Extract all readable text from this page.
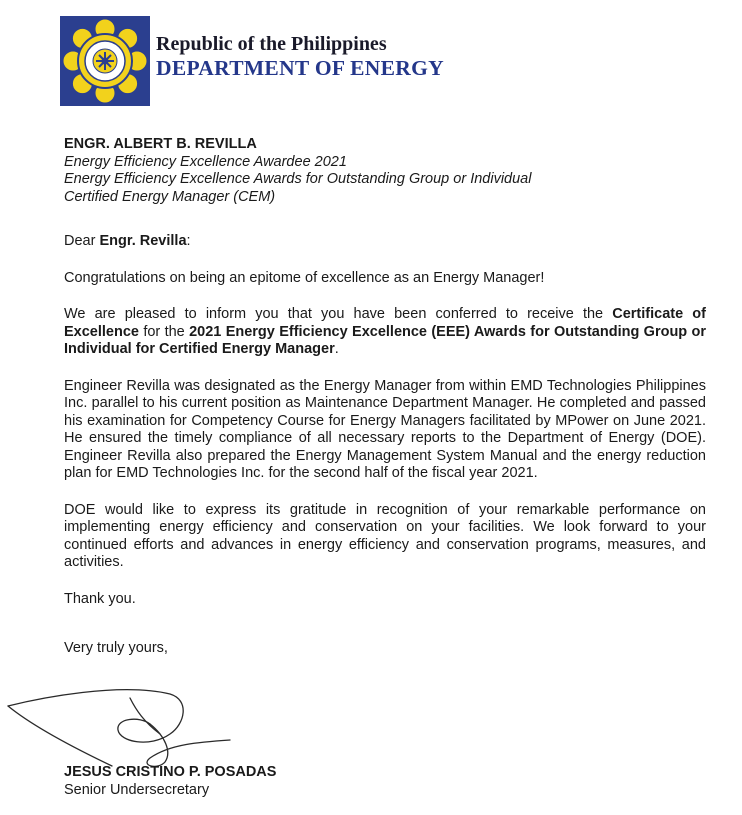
Republic of the Philippines
DEPARTMENT OF ENERGY
ENGR. ALBERT B. REVILLA
Energy Efficiency Excellence Awardee 2021
Energy Efficiency Excellence Awards for Outstanding Group or Individual
Certified Energy Manager (CEM)
Dear Engr. Revilla:

Congratulations on being an epitome of excellence as an Energy Manager!

We are pleased to inform you that you have been conferred to receive the Certificate of Excellence for the 2021 Energy Efficiency Excellence (EEE) Awards for Outstanding Group or Individual for Certified Energy Manager.

Engineer Revilla was designated as the Energy Manager from within EMD Technologies Philippines Inc. parallel to his current position as Maintenance Department Manager. He completed and passed his examination for Competency Course for Energy Managers facilitated by MPower on June 2021. He ensured the timely compliance of all necessary reports to the Department of Energy (DOE). Engineer Revilla also prepared the Energy Management System Manual and the energy reduction plan for EMD Technologies Inc. for the second half of the fiscal year 2021.

DOE would like to express its gratitude in recognition of your remarkable performance on implementing energy efficiency and conservation on your facilities. We look forward to your continued efforts and advances in energy efficiency and conservation programs, measures, and activities.

Thank you.
Very truly yours,
JESUS CRISTINO P. POSADAS
Senior Undersecretary
